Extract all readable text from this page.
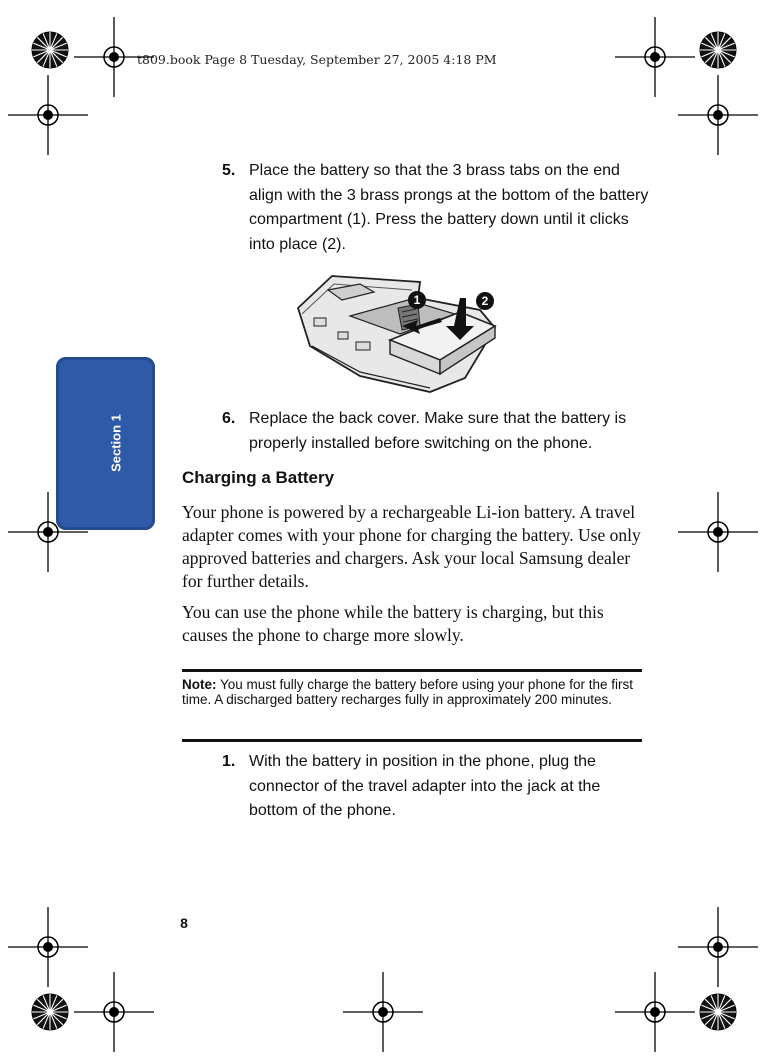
t809.book Page 8 Tuesday, September 27, 2005 4:18 PM
Section 1
5. Place the battery so that the 3 brass tabs on the end align with the 3 brass prongs at the bottom of the battery compartment (1). Press the battery down until it clicks into place (2).
1	2
6. Replace the back cover. Make sure that the battery is properly installed before switching on the phone.
Charging a Battery
Your phone is powered by a rechargeable Li-ion battery. A travel adapter comes with your phone for charging the battery. Use only approved batteries and chargers. Ask your local Samsung dealer for further details.
You can use the phone while the battery is charging, but this causes the phone to charge more slowly.
Note: You must fully charge the battery before using your phone for the first time. A discharged battery recharges fully in approximately 200 minutes.
1. With the battery in position in the phone, plug the connector of the travel adapter into the jack at the bottom of the phone.
8
